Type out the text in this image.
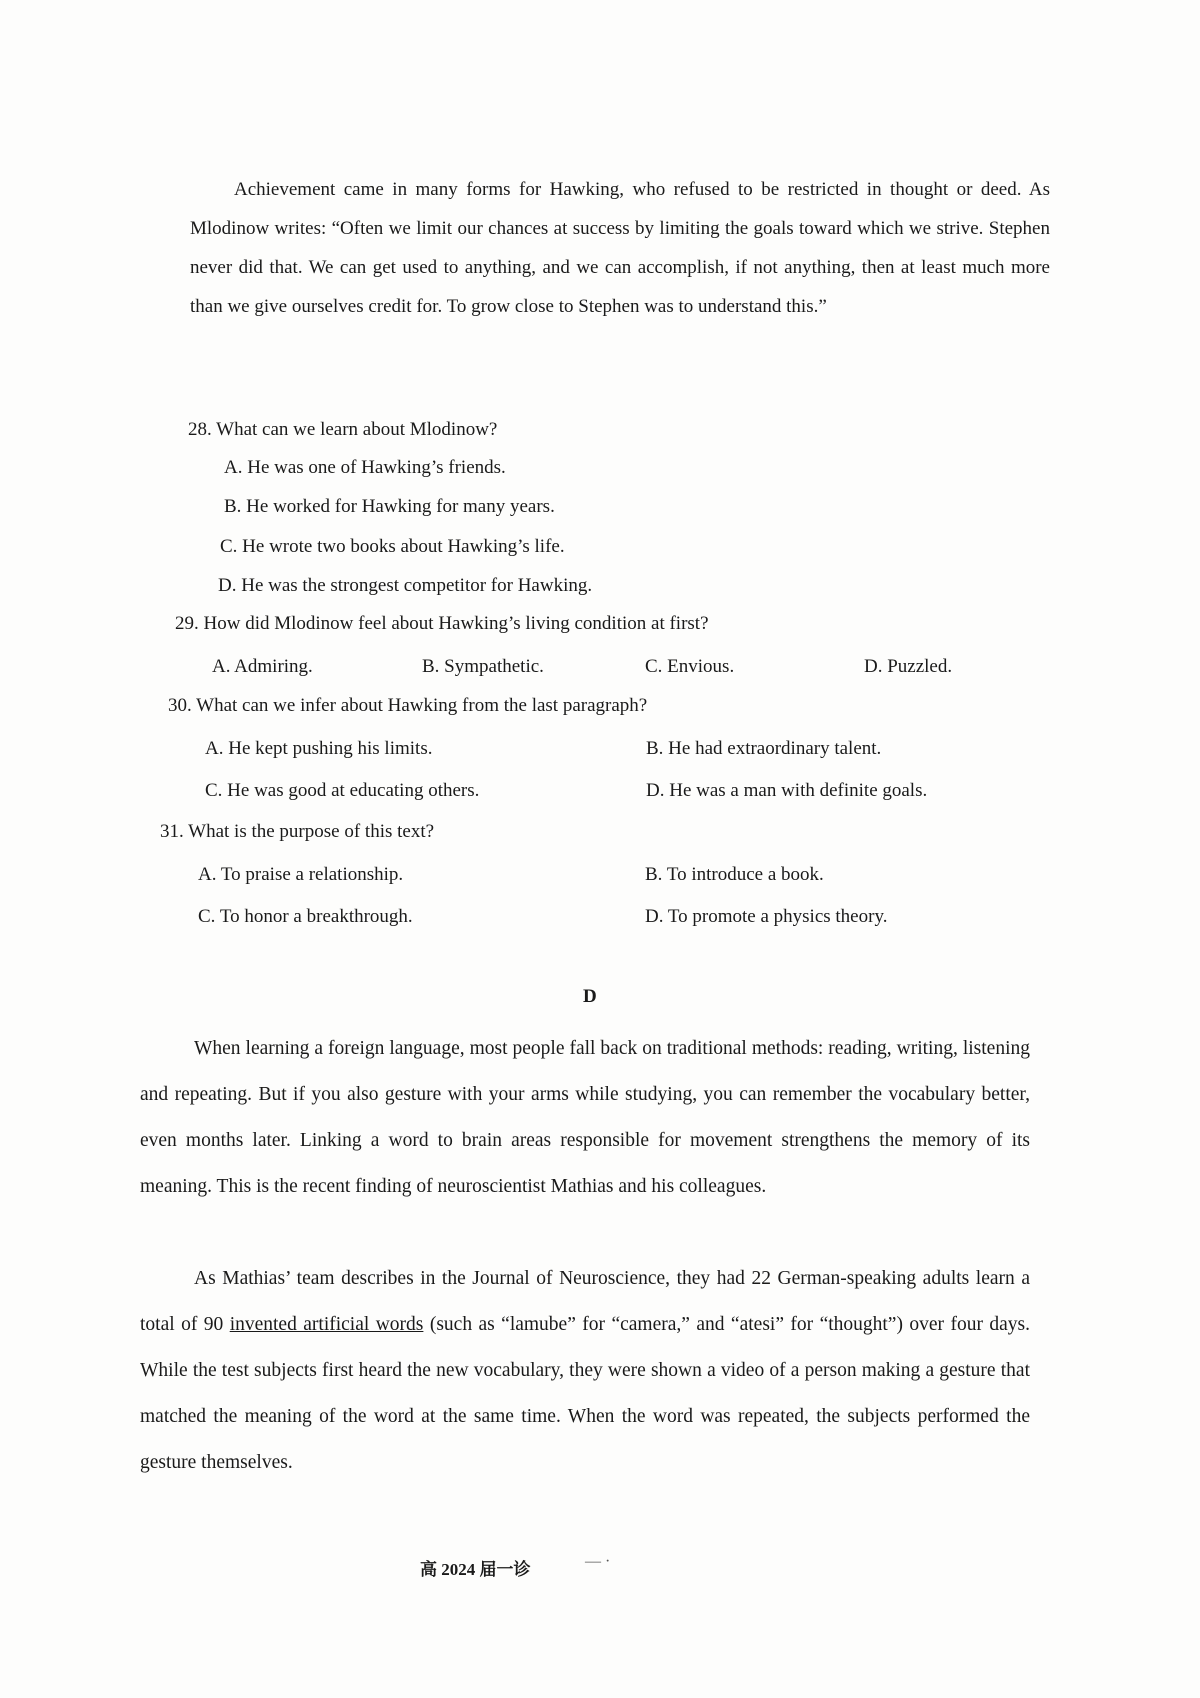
Achievement came in many forms for Hawking, who refused to be restricted in thought or deed. As Mlodinow writes: “Often we limit our chances at success by limiting the goals toward which we strive. Stephen never did that. We can get used to anything, and we can accomplish, if not anything, then at least much more than we give ourselves credit for. To grow close to Stephen was to understand this.”

28. What can we learn about Mlodinow?

A. He was one of Hawking’s friends.

B. He worked for Hawking for many years.

C. He wrote two books about Hawking’s life.

D. He was the strongest competitor for Hawking.

29. How did Mlodinow feel about Hawking’s living condition at first?

A. Admiring.	B. Sympathetic.	C. Envious.	D. Puzzled.

30. What can we infer about Hawking from the last paragraph?

A. He kept pushing his limits.	B. He had extraordinary talent.

C. He was good at educating others.	D. He was a man with definite goals.

31. What is the purpose of this text?

A. To praise a relationship.	B. To introduce a book.

C. To honor a breakthrough.	D. To promote a physics theory.

D

When learning a foreign language, most people fall back on traditional methods: reading, writing, listening and repeating. But if you also gesture with your arms while studying, you can remember the vocabulary better, even months later. Linking a word to brain areas responsible for movement strengthens the memory of its meaning. This is the recent finding of neuroscientist Mathias and his colleagues.

As Mathias’ team describes in the Journal of Neuroscience, they had 22 German-speaking adults learn a total of 90 invented artificial words (such as “lamube” for “camera,” and “atesi” for “thought”) over four days. While the test subjects first heard the new vocabulary, they were shown a video of a person making a gesture that matched the meaning of the word at the same time. When the word was repeated, the subjects performed the gesture themselves.

高 2024 届一诊	— ·
